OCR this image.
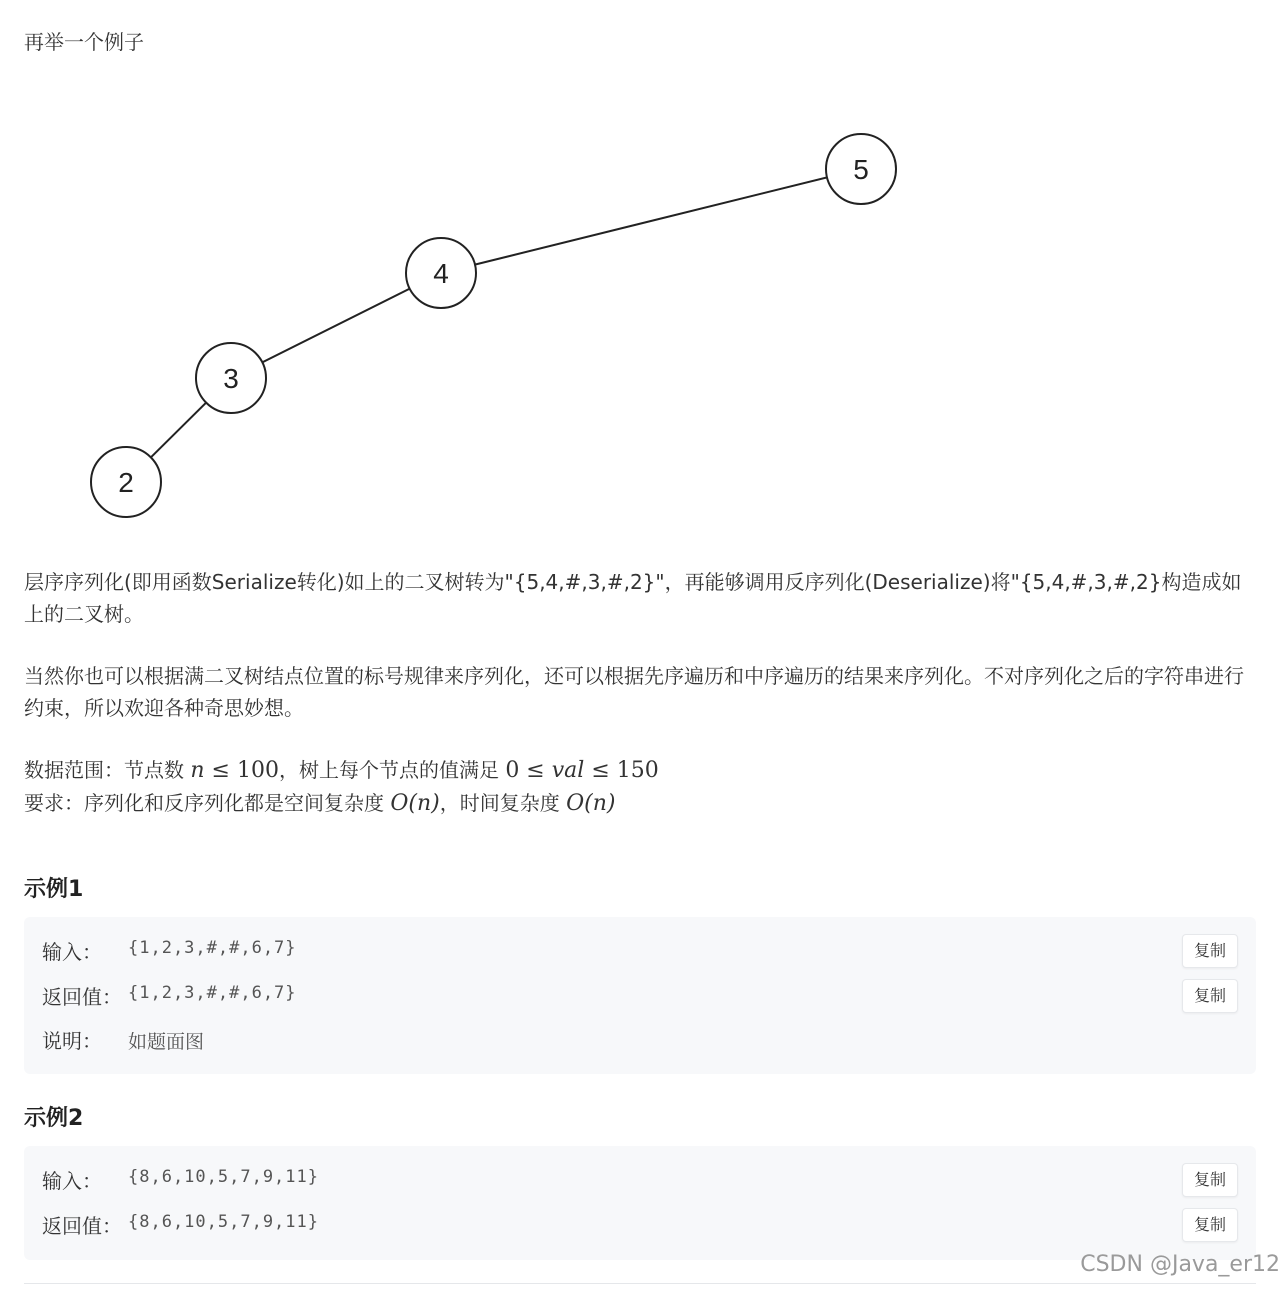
再举一个例子

5
4
3
2

层序序列化(即用函数Serialize转化)如上的二叉树转为"{5,4,#,3,#,2}"，再能够调用反序列化(Deserialize)将"{5,4,#,3,#,2}构造成如上的二叉树。

当然你也可以根据满二叉树结点位置的标号规律来序列化，还可以根据先序遍历和中序遍历的结果来序列化。不对序列化之后的字符串进行约束，所以欢迎各种奇思妙想。

数据范围：节点数 n ≤ 100，树上每个节点的值满足 0 ≤ val ≤ 150

要求：序列化和反序列化都是空间复杂度 O(n)，时间复杂度 O(n)

示例1
输入： {1,2,3,#,#,6,7}	复制
返回值： {1,2,3,#,#,6,7}	复制
说明： 如题面图
示例2
输入： {8,6,10,5,7,9,11}	复制
返回值： {8,6,10,5,7,9,11}	复制
CSDN @Java_er12
